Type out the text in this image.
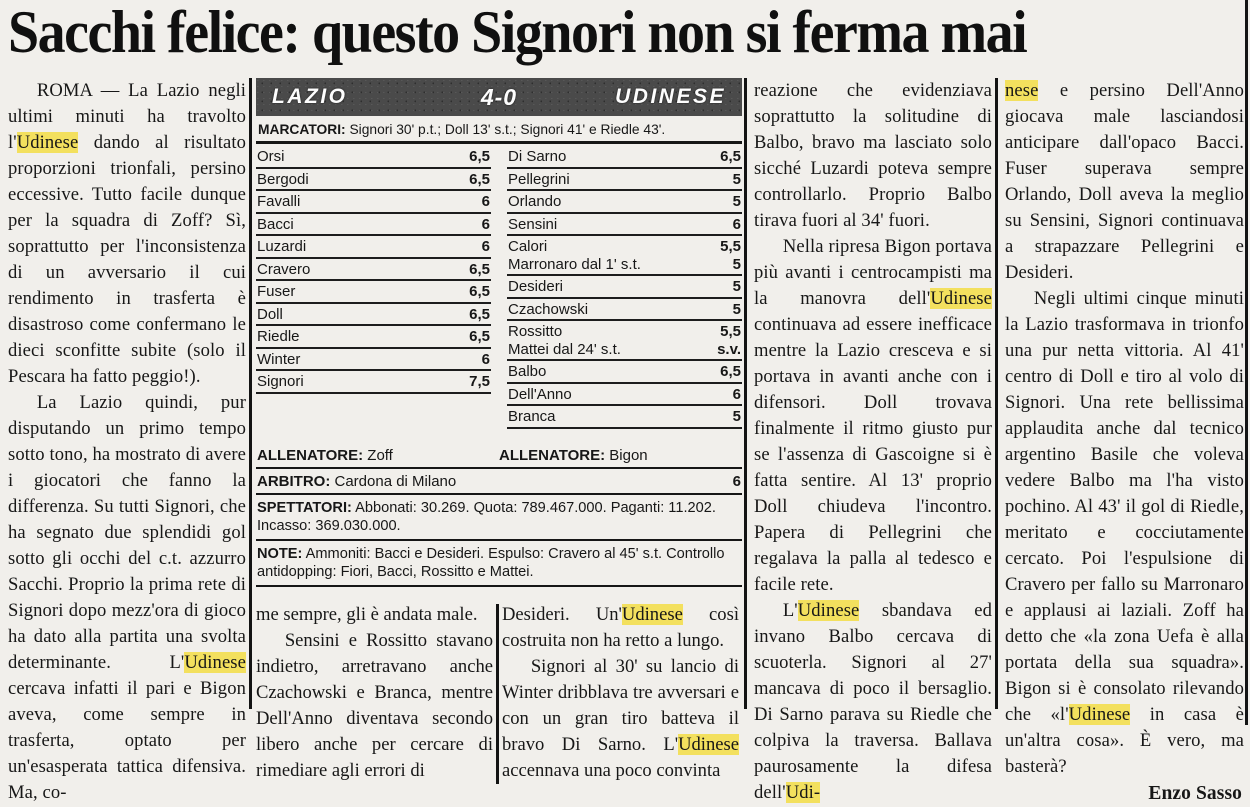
Sacchi felice: questo Signori non si ferma mai

ROMA — La Lazio negli ultimi minuti ha travolto l'Udinese dando al risultato proporzioni trionfali, persino eccessive. Tutto facile dunque per la squadra di Zoff? Sì, soprattutto per l'inconsistenza di un avversario il cui rendimento in trasferta è disastroso come confermano le dieci sconfitte subite (solo il Pescara ha fatto peggio!).

La Lazio quindi, pur disputando un primo tempo sotto tono, ha mostrato di avere i giocatori che fanno la differenza. Su tutti Signori, che ha segnato due splendidi gol sotto gli occhi del c.t. azzurro Sacchi. Proprio la prima rete di Signori dopo mezz'ora di gioco ha dato alla partita una svolta determinante. L'Udinese cercava infatti il pari e Bigon aveva, come sempre in trasferta, optato per un'esasperata tattica difensiva. Ma, co-

LAZIO	4-0	UDINESE
MARCATORI: Signori 30' p.t.; Doll 13' s.t.; Signori 41' e Riedle 43'.
Orsi	6,5
Bergodi	6,5
Favalli	6
Bacci	6
Luzardi	6
Cravero	6,5
Fuser	6,5
Doll	6,5
Riedle	6,5
Winter	6
Signori	7,5
Di Sarno	6,5
Pellegrini	5
Orlando	5
Sensini	6
Calori	5,5
Marronaro dal 1' s.t.	5
Desideri	5
Czachowski	5
Rossitto	5,5
Mattei dal 24' s.t.	s.v.
Balbo	6,5
Dell'Anno	6
Branca	5
ALLENATORE: Zoff	ALLENATORE: Bigon
ARBITRO: Cardona di Milano	6
SPETTATORI: Abbonati: 30.269. Quota: 789.467.000. Paganti: 11.202. Incasso: 369.030.000.
NOTE: Ammoniti: Bacci e Desideri. Espulso: Cravero al 45' s.t. Controllo antidopping: Fiori, Bacci, Rossitto e Mattei.

me sempre, gli è andata male.

Sensini e Rossitto stavano indietro, arretravano anche Czachowski e Branca, mentre Dell'Anno diventava secondo libero anche per cercare di rimediare agli errori di

Desideri. Un'Udinese così costruita non ha retto a lungo.

Signori al 30' su lancio di Winter dribblava tre avversari e con un gran tiro batteva il bravo Di Sarno. L'Udinese accennava una poco convinta

reazione che evidenziava soprattutto la solitudine di Balbo, bravo ma lasciato solo sicché Luzardi poteva sempre controllarlo. Proprio Balbo tirava fuori al 34' fuori.

Nella ripresa Bigon portava più avanti i centrocampisti ma la manovra dell'Udinese continuava ad essere inefficace mentre la Lazio cresceva e si portava in avanti anche con i difensori. Doll trovava finalmente il ritmo giusto pur se l'assenza di Gascoigne si è fatta sentire. Al 13' proprio Doll chiudeva l'incontro. Papera di Pellegrini che regalava la palla al tedesco e facile rete.

L'Udinese sbandava ed invano Balbo cercava di scuoterla. Signori al 27' mancava di poco il bersaglio. Di Sarno parava su Riedle che colpiva la traversa. Ballava paurosamente la difesa dell'Udi-

nese e persino Dell'Anno giocava male lasciandosi anticipare dall'opaco Bacci. Fuser superava sempre Orlando, Doll aveva la meglio su Sensini, Signori continuava a strapazzare Pellegrini e Desideri.

Negli ultimi cinque minuti la Lazio trasformava in trionfo una pur netta vittoria. Al 41' centro di Doll e tiro al volo di Signori. Una rete bellissima applaudita anche dal tecnico argentino Basile che voleva vedere Balbo ma l'ha visto pochino. Al 43' il gol di Riedle, meritato e cocciutamente cercato. Poi l'espulsione di Cravero per fallo su Marronaro e applausi ai laziali. Zoff ha detto che «la zona Uefa è alla portata della sua squadra». Bigon si è consolato rilevando che «l'Udinese in casa è un'altra cosa». È vero, ma basterà?

Enzo Sasso
